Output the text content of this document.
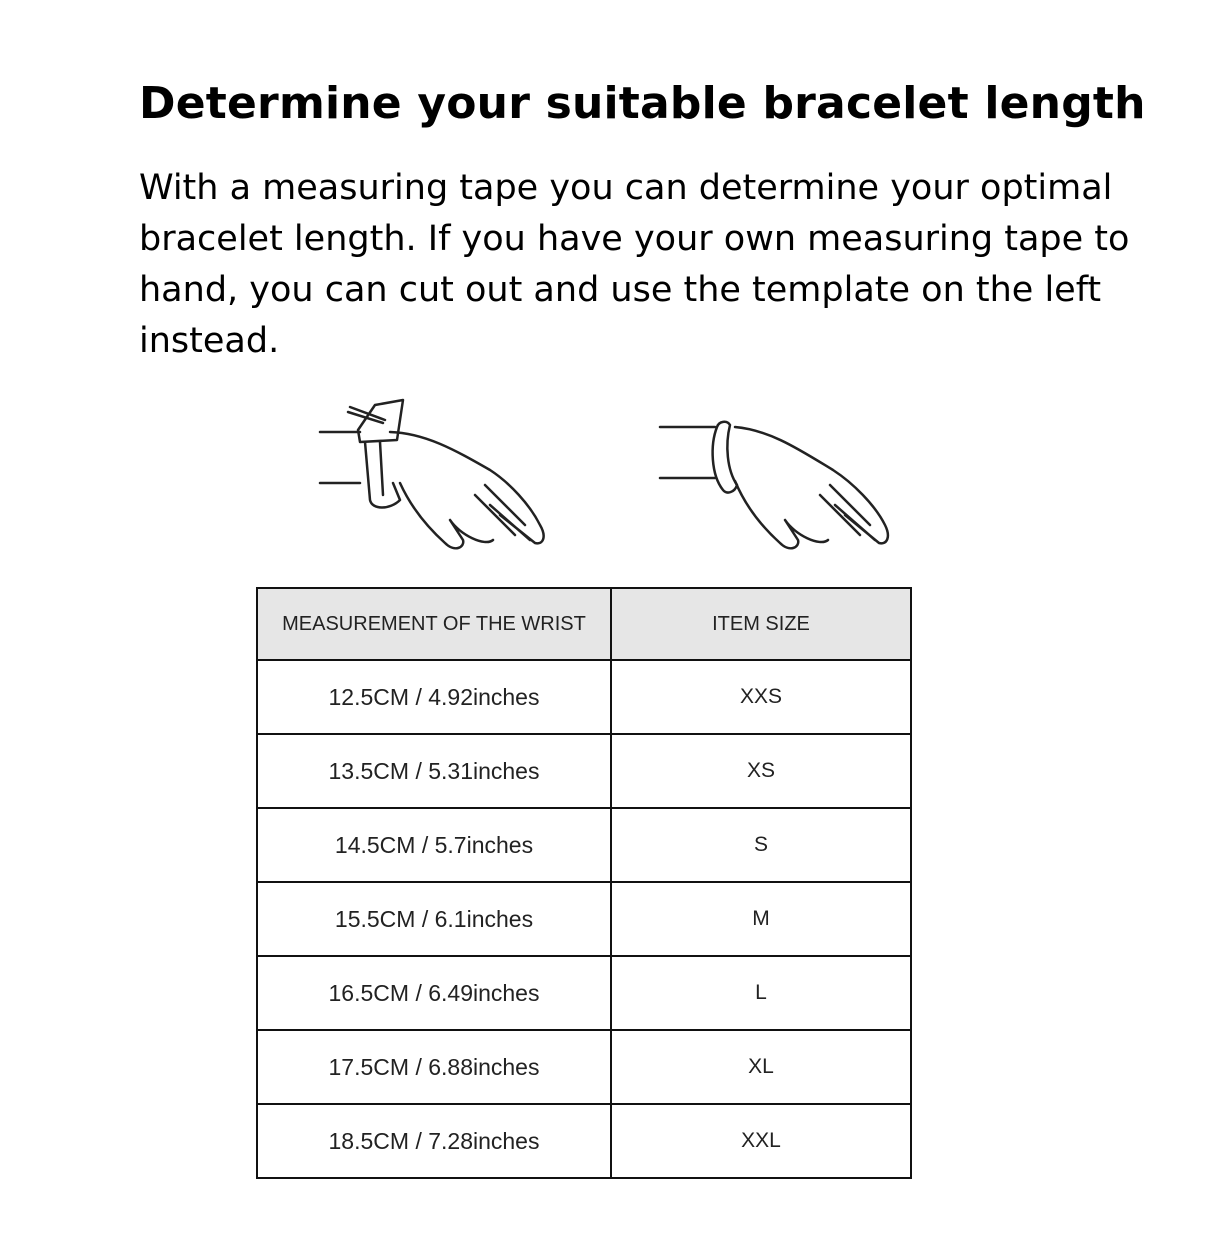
Determine your suitable bracelet length

With a measuring tape you can determine your optimal bracelet length. If you have your own measuring tape to hand, you can cut out and use the template on the left instead.

MEASUREMENT OF THE WRIST	ITEM SIZE
12.5CM / 4.92inches	XXS
13.5CM / 5.31inches	XS
14.5CM / 5.7inches	S
15.5CM / 6.1inches	M
16.5CM / 6.49inches	L
17.5CM / 6.88inches	XL
18.5CM / 7.28inches	XXL
